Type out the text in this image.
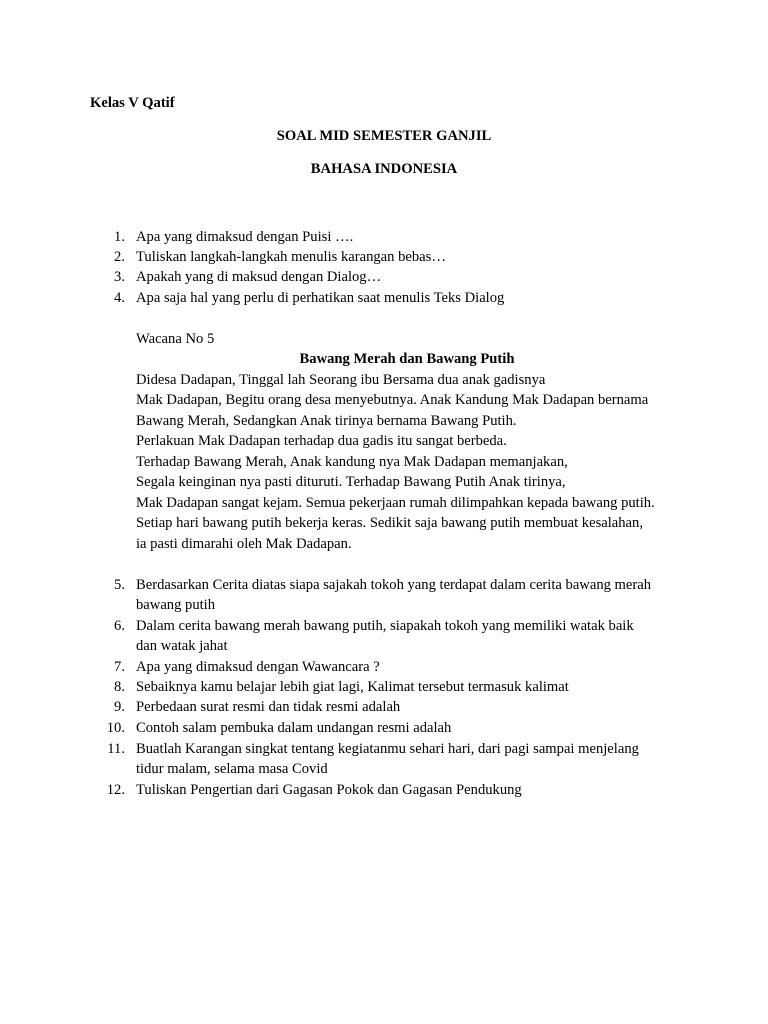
Kelas V Qatif
SOAL MID SEMESTER GANJIL
BAHASA INDONESIA
1. Apa yang dimaksud dengan Puisi ….
2. Tuliskan langkah-langkah menulis karangan bebas…
3. Apakah yang di maksud dengan Dialog…
4. Apa saja hal yang perlu di perhatikan saat menulis Teks Dialog
Wacana No 5
Bawang Merah dan Bawang Putih
Didesa Dadapan, Tinggal lah Seorang ibu Bersama dua anak gadisnya
Mak Dadapan, Begitu orang desa menyebutnya. Anak Kandung Mak Dadapan bernama
Bawang Merah, Sedangkan Anak tirinya bernama Bawang Putih.
Perlakuan Mak Dadapan terhadap dua gadis itu sangat berbeda.
Terhadap Bawang Merah, Anak kandung nya Mak Dadapan memanjakan,
Segala keinginan nya pasti dituruti. Terhadap Bawang Putih Anak tirinya,
Mak Dadapan sangat kejam. Semua pekerjaan rumah dilimpahkan kepada bawang putih.
Setiap hari bawang putih bekerja keras. Sedikit saja bawang putih membuat kesalahan,
ia pasti dimarahi oleh Mak Dadapan.
5. Berdasarkan Cerita diatas siapa sajakah tokoh yang terdapat dalam cerita bawang merah
bawang putih
6. Dalam cerita bawang merah bawang putih, siapakah tokoh yang memiliki watak baik
dan watak jahat
7. Apa yang dimaksud dengan Wawancara ?
8. Sebaiknya kamu belajar lebih giat lagi, Kalimat tersebut termasuk kalimat
9. Perbedaan surat resmi dan tidak resmi adalah
10. Contoh salam pembuka dalam undangan resmi adalah
11. Buatlah Karangan singkat tentang kegiatanmu sehari hari, dari pagi sampai menjelang
tidur malam, selama masa Covid
12. Tuliskan Pengertian dari Gagasan Pokok dan Gagasan Pendukung
